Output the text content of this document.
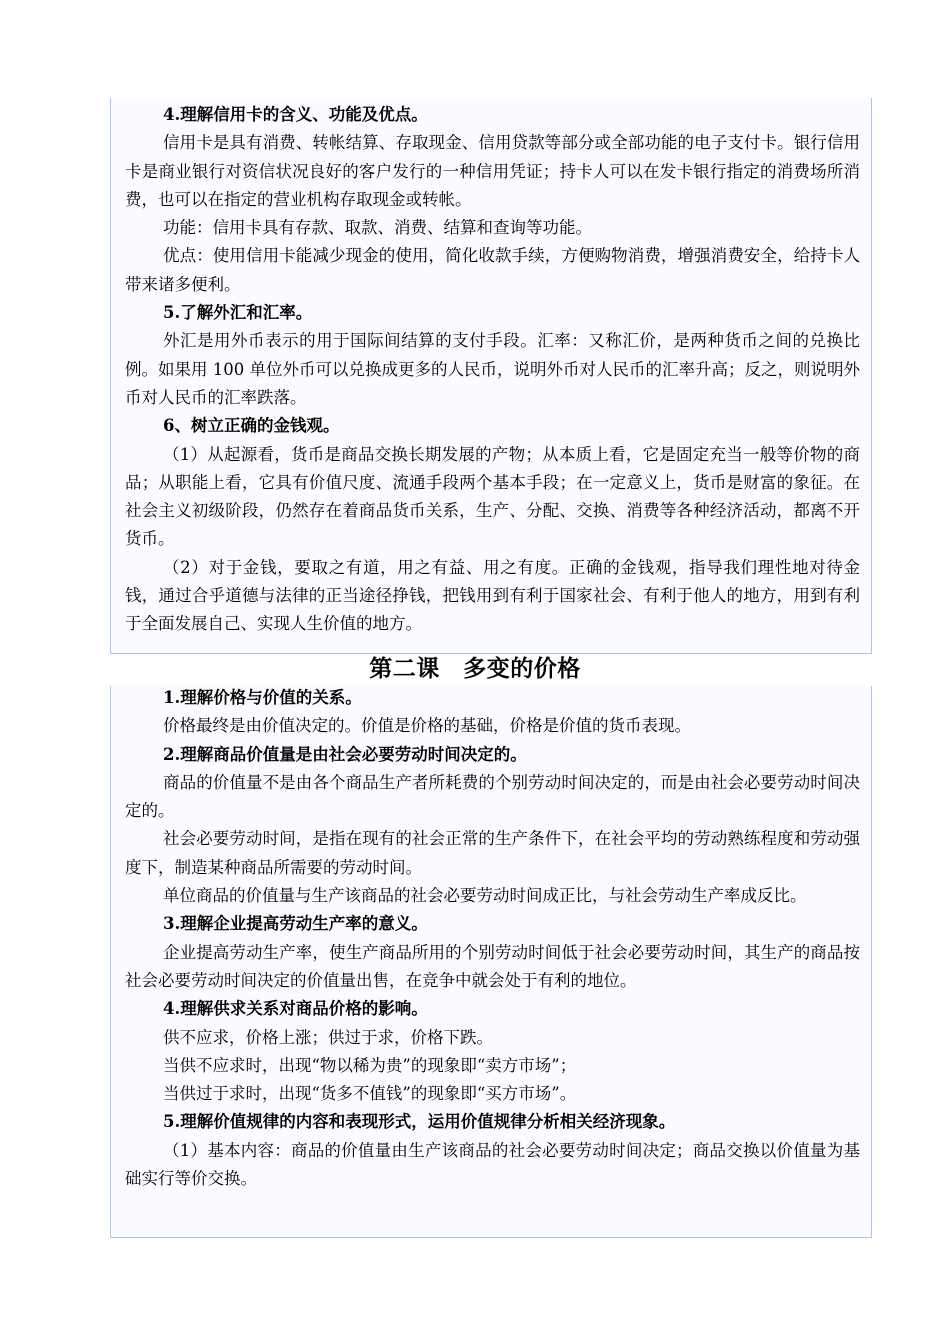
4.理解信用卡的含义、功能及优点。

信用卡是具有消费、转帐结算、存取现金、信用贷款等部分或全部功能的电子支付卡。银行信用卡是商业银行对资信状况良好的客户发行的一种信用凭证；持卡人可以在发卡银行指定的消费场所消费，也可以在指定的营业机构存取现金或转帐。

功能：信用卡具有存款、取款、消费、结算和查询等功能。

优点：使用信用卡能减少现金的使用，简化收款手续，方便购物消费，增强消费安全，给持卡人带来诸多便利。

5.了解外汇和汇率。

外汇是用外币表示的用于国际间结算的支付手段。汇率：又称汇价，是两种货币之间的兑换比例。如果用 100 单位外币可以兑换成更多的人民币，说明外币对人民币的汇率升高；反之，则说明外币对人民币的汇率跌落。

6、树立正确的金钱观。

（1）从起源看，货币是商品交换长期发展的产物；从本质上看，它是固定充当一般等价物的商品；从职能上看，它具有价值尺度、流通手段两个基本手段；在一定意义上，货币是财富的象征。在社会主义初级阶段，仍然存在着商品货币关系，生产、分配、交换、消费等各种经济活动，都离不开货币。

（2）对于金钱，要取之有道，用之有益、用之有度。正确的金钱观，指导我们理性地对待金钱，通过合乎道德与法律的正当途径挣钱，把钱用到有利于国家社会、有利于他人的地方，用到有利于全面发展自己、实现人生价值的地方。

第二课　多变的价格

1.理解价格与价值的关系。

价格最终是由价值决定的。价值是价格的基础，价格是价值的货币表现。

2.理解商品价值量是由社会必要劳动时间决定的。

商品的价值量不是由各个商品生产者所耗费的个别劳动时间决定的，而是由社会必要劳动时间决定的。

社会必要劳动时间，是指在现有的社会正常的生产条件下，在社会平均的劳动熟练程度和劳动强度下，制造某种商品所需要的劳动时间。

单位商品的价值量与生产该商品的社会必要劳动时间成正比，与社会劳动生产率成反比。

3.理解企业提高劳动生产率的意义。

企业提高劳动生产率，使生产商品所用的个别劳动时间低于社会必要劳动时间，其生产的商品按社会必要劳动时间决定的价值量出售，在竞争中就会处于有利的地位。

4.理解供求关系对商品价格的影响。

供不应求，价格上涨；供过于求，价格下跌。

当供不应求时，出现“物以稀为贵”的现象即“卖方市场”；

当供过于求时，出现“货多不值钱”的现象即“买方市场”。

5.理解价值规律的内容和表现形式，运用价值规律分析相关经济现象。

（1）基本内容：商品的价值量由生产该商品的社会必要劳动时间决定；商品交换以价值量为基础实行等价交换。
